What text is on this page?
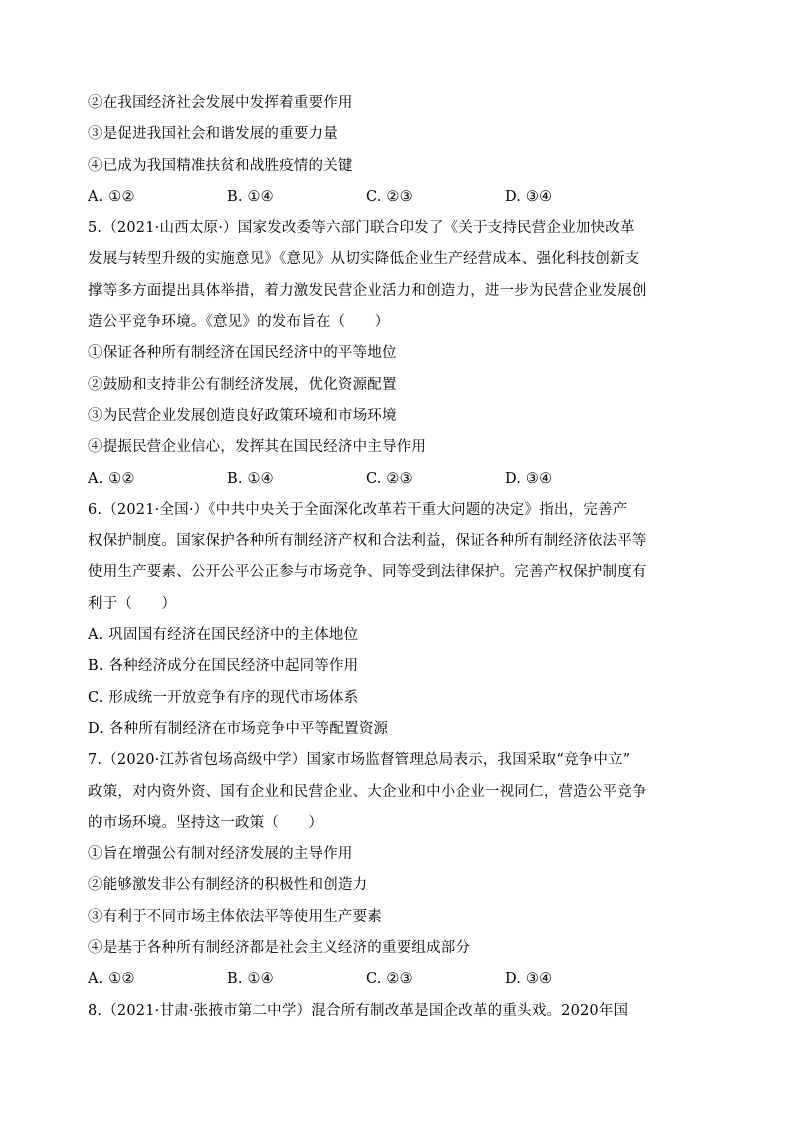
②在我国经济社会发展中发挥着重要作用
③是促进我国社会和谐发展的重要力量
④已成为我国精准扶贫和战胜疫情的关键
A. ①②	B. ①④	C. ②③	D. ③④
5.（2021·山西太原·）国家发改委等六部门联合印发了《关于支持民营企业加快改革
发展与转型升级的实施意见》《意见》从切实降低企业生产经营成本、强化科技创新支
撑等多方面提出具体举措，着力激发民营企业活力和创造力，进一步为民营企业发展创
造公平竞争环境。《意见》的发布旨在（　　）
①保证各种所有制经济在国民经济中的平等地位
②鼓励和支持非公有制经济发展，优化资源配置
③为民营企业发展创造良好政策环境和市场环境
④提振民营企业信心，发挥其在国民经济中主导作用
A. ①②	B. ①④	C. ②③	D. ③④
6.（2021·全国·）《中共中央关于全面深化改革若干重大问题的决定》指出，完善产
权保护制度。国家保护各种所有制经济产权和合法利益，保证各种所有制经济依法平等
使用生产要素、公开公平公正参与市场竞争、同等受到法律保护。完善产权保护制度有
利于（　　）
A. 巩固国有经济在国民经济中的主体地位
B. 各种经济成分在国民经济中起同等作用
C. 形成统一开放竞争有序的现代市场体系
D. 各种所有制经济在市场竞争中平等配置资源
7.（2020·江苏省包场高级中学）国家市场监督管理总局表示，我国采取“竞争中立”
政策，对内资外资、国有企业和民营企业、大企业和中小企业一视同仁，营造公平竞争
的市场环境。坚持这一政策（　　）
①旨在增强公有制对经济发展的主导作用
②能够激发非公有制经济的积极性和创造力
③有利于不同市场主体依法平等使用生产要素
④是基于各种所有制经济都是社会主义经济的重要组成部分
A. ①②	B. ①④	C. ②③	D. ③④
8.（2021·甘肃·张掖市第二中学）混合所有制改革是国企改革的重头戏。2020年国
